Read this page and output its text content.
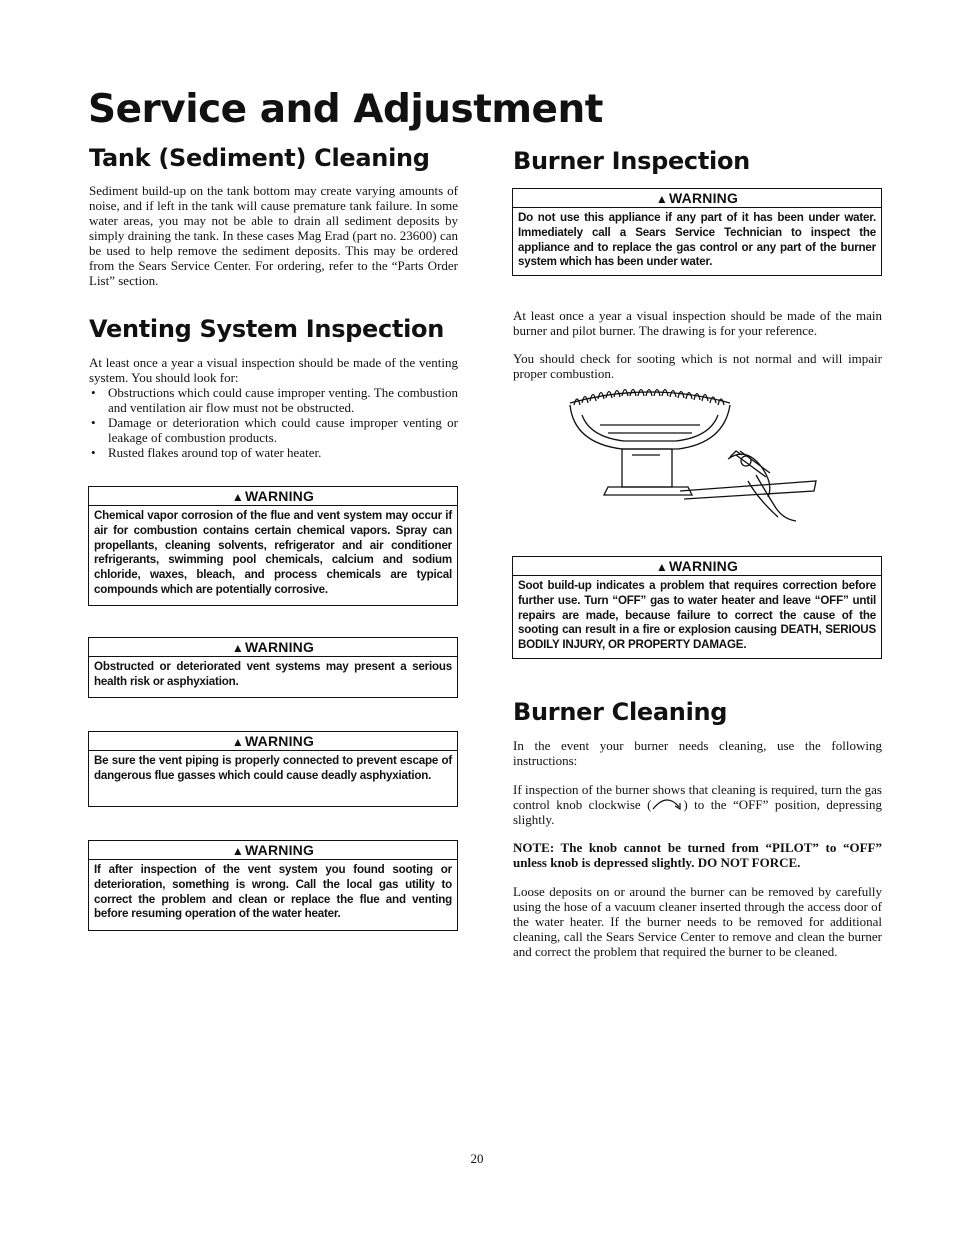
Service and Adjustment
Tank (Sediment) Cleaning
Sediment build-up on the tank bottom may create varying amounts of noise, and if left in the tank will cause premature tank failure. In some water areas, you may not be able to drain all sediment deposits by simply draining the tank. In these cases Mag Erad (part no. 23600) can be used to help remove the sediment deposits. This may be ordered from the Sears Service Center. For ordering, refer to the “Parts Order List” section.
Venting System Inspection

At least once a year a visual inspection should be made of the venting system. You should look for:

• Obstructions which could cause improper venting. The combustion and ventilation air flow must not be obstructed.
• Damage or deterioration which could cause improper venting or leakage of combustion products.
• Rusted flakes around top of water heater.
▲WARNING
Chemical vapor corrosion of the flue and vent system may occur if air for combustion contains certain chemical vapors. Spray can propellants, cleaning solvents, refrigerator and air conditioner refrigerants, swimming pool chemicals, calcium and sodium chloride, waxes, bleach, and process chemicals are typical compounds which are potentially corrosive.
▲WARNING
Obstructed or deteriorated vent systems may present a serious health risk or asphyxiation.
▲WARNING
Be sure the vent piping is properly connected to prevent escape of dangerous flue gasses which could cause deadly asphyxiation.
▲WARNING
If after inspection of the vent system you found sooting or deterioration, something is wrong. Call the local gas utility to correct the problem and clean or replace the flue and venting before resuming operation of the water heater.
Burner Inspection
▲WARNING
Do not use this appliance if any part of it has been under water. Immediately call a Sears Service Technician to inspect the appliance and to replace the gas control or any part of the burner system which has been under water.
At least once a year a visual inspection should be made of the main burner and pilot burner. The drawing is for your reference.
You should check for sooting which is not normal and will impair proper combustion.
▲WARNING
Soot build-up indicates a problem that requires correction before further use. Turn “OFF” gas to water heater and leave “OFF” until repairs are made, because failure to correct the cause of the sooting can result in a fire or explosion causing DEATH, SERIOUS BODILY INJURY, OR PROPERTY DAMAGE.
Burner Cleaning
In the event your burner needs cleaning, use the following instructions:
If inspection of the burner shows that cleaning is required, turn the gas control knob clockwise ( ) to the “OFF” position, depressing slightly.
NOTE: The knob cannot be turned from “PILOT” to “OFF” unless knob is depressed slightly. DO NOT FORCE.
Loose deposits on or around the burner can be removed by carefully using the hose of a vacuum cleaner inserted through the access door of the water heater. If the burner needs to be removed for additional cleaning, call the Sears Service Center to remove and clean the burner and correct the problem that required the burner to be cleaned.
20
